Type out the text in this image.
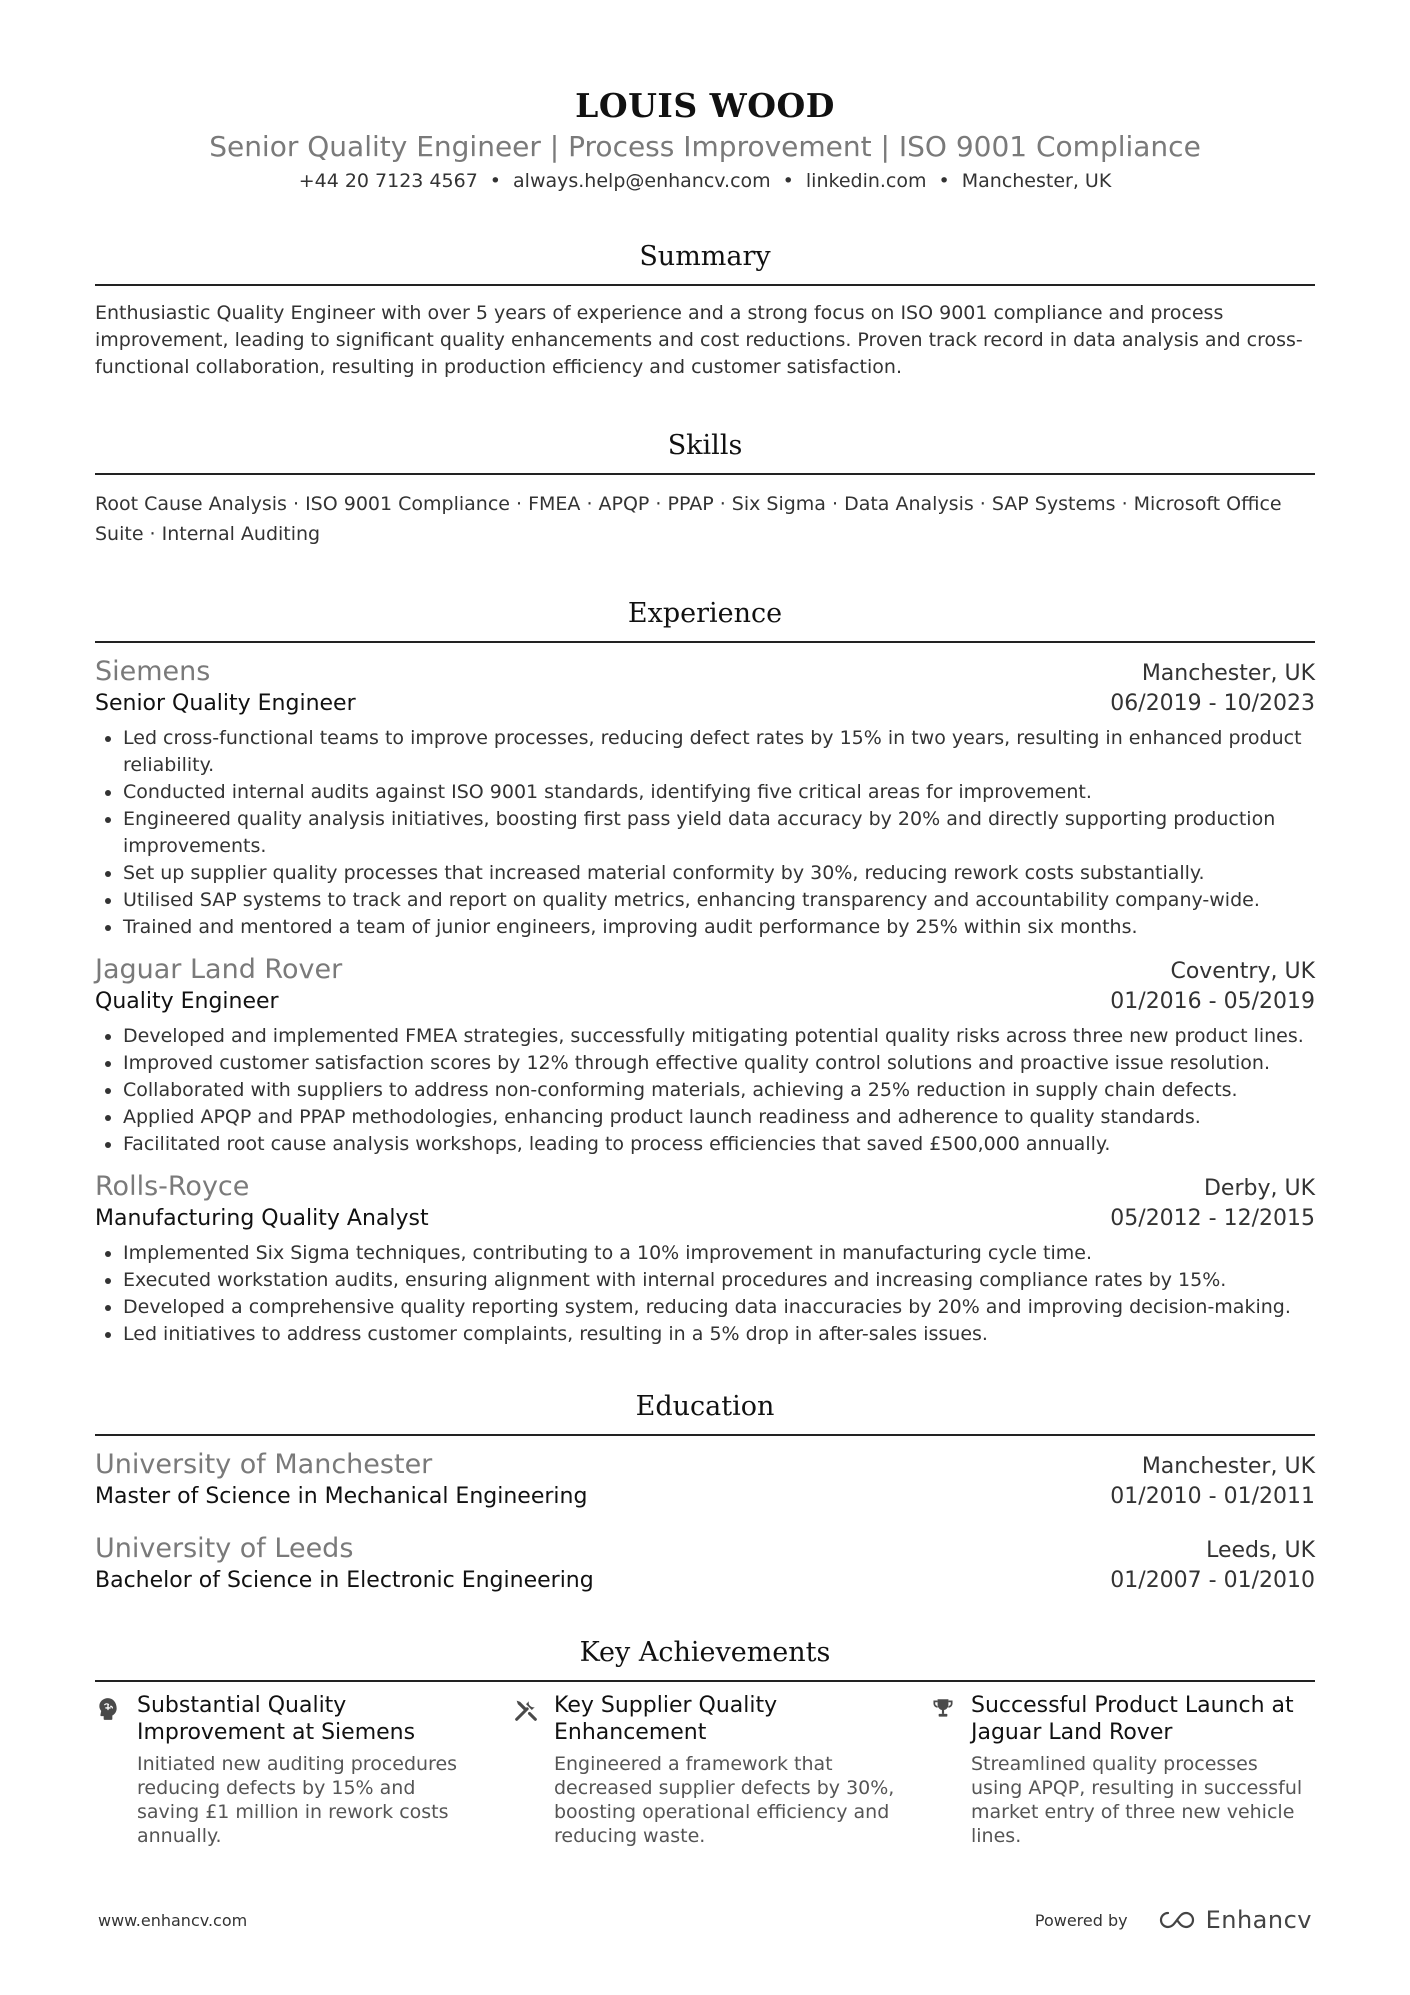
LOUIS WOOD
Senior Quality Engineer | Process Improvement | ISO 9001 Compliance
+44 20 7123 4567 • always.help@enhancv.com • linkedin.com • Manchester, UK
Summary

Enthusiastic Quality Engineer with over 5 years of experience and a strong focus on ISO 9001 compliance and process improvement, leading to significant quality enhancements and cost reductions. Proven track record in data analysis and cross-functional collaboration, resulting in production efficiency and customer satisfaction.

Skills

Root Cause Analysis · ISO 9001 Compliance · FMEA · APQP · PPAP · Six Sigma · Data Analysis · SAP Systems · Microsoft Office Suite · Internal Auditing

Experience
Siemens	Manchester, UK
Senior Quality Engineer	06/2019 - 10/2023
• Led cross-functional teams to improve processes, reducing defect rates by 15% in two years, resulting in enhanced product reliability.
• Conducted internal audits against ISO 9001 standards, identifying five critical areas for improvement.
• Engineered quality analysis initiatives, boosting first pass yield data accuracy by 20% and directly supporting production improvements.
• Set up supplier quality processes that increased material conformity by 30%, reducing rework costs substantially.
• Utilised SAP systems to track and report on quality metrics, enhancing transparency and accountability company-wide.
• Trained and mentored a team of junior engineers, improving audit performance by 25% within six months.
Jaguar Land Rover	Coventry, UK
Quality Engineer	01/2016 - 05/2019
• Developed and implemented FMEA strategies, successfully mitigating potential quality risks across three new product lines.
• Improved customer satisfaction scores by 12% through effective quality control solutions and proactive issue resolution.
• Collaborated with suppliers to address non-conforming materials, achieving a 25% reduction in supply chain defects.
• Applied APQP and PPAP methodologies, enhancing product launch readiness and adherence to quality standards.
• Facilitated root cause analysis workshops, leading to process efficiencies that saved £500,000 annually.
Rolls-Royce	Derby, UK
Manufacturing Quality Analyst	05/2012 - 12/2015
• Implemented Six Sigma techniques, contributing to a 10% improvement in manufacturing cycle time.
• Executed workstation audits, ensuring alignment with internal procedures and increasing compliance rates by 15%.
• Developed a comprehensive quality reporting system, reducing data inaccuracies by 20% and improving decision-making.
• Led initiatives to address customer complaints, resulting in a 5% drop in after-sales issues.
Education
University of Manchester	Manchester, UK
Master of Science in Mechanical Engineering	01/2010 - 01/2011
University of Leeds	Leeds, UK
Bachelor of Science in Electronic Engineering	01/2007 - 01/2010
Key Achievements
Substantial Quality Improvement at Siemens
Initiated new auditing procedures reducing defects by 15% and saving £1 million in rework costs annually.
Key Supplier Quality Enhancement
Engineered a framework that decreased supplier defects by 30%, boosting operational efficiency and reducing waste.
Successful Product Launch at Jaguar Land Rover
Streamlined quality processes using APQP, resulting in successful market entry of three new vehicle lines.
www.enhancv.com	Powered by	Enhancv
